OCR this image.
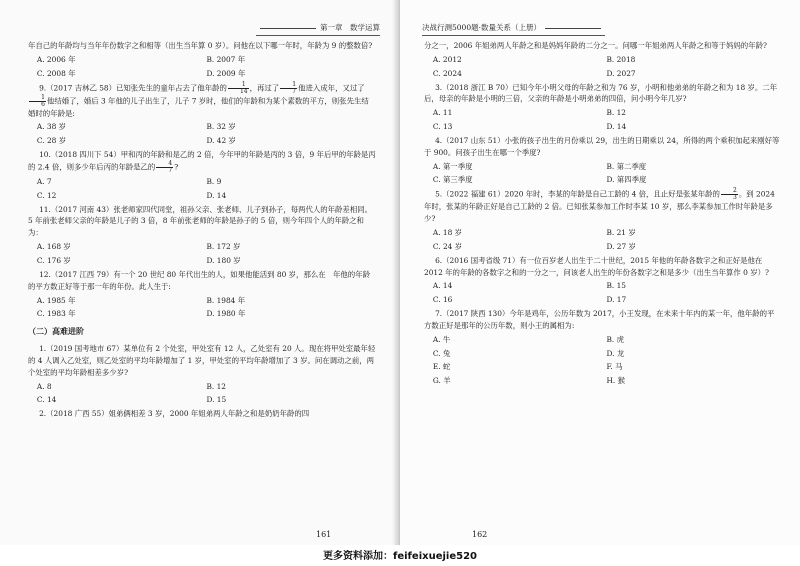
第一章　数学运算

年自己的年龄均与当年年份数字之和相等（出生当年算 0 岁）。问他在以下哪一年时，年龄为 9 的整数倍?

A. 2006 年	B. 2007 年
C. 2008 年	D. 2009 年

9.（2017 吉林乙 58）已知张先生的童年占去了他年龄的 $\frac{1}{14}$ ，再过了 $\frac{1}{7}$ 他进入成年，又过了
$\frac{1}{6}$ 他结婚了，婚后 3 年他的儿子出生了，儿子 7 岁时，他们的年龄和为某个素数的平方，则张先生结婚时的年龄是:

A. 38 岁	B. 32 岁
C. 28 岁	D. 42 岁

10.（2018 四川下 54）甲和丙的年龄和是乙的 2 倍，今年甲的年龄是丙的 3 倍，9 年后甲的年龄是丙的 2.4 倍，则多少年后丙的年龄是乙的 $\frac{4}{7}$ ?

A. 7	B. 9
C. 12	D. 14

11.（2017 河南 43）张老师家四代同堂，祖孙父亲、张老师、儿子到孙子，每两代人的年龄差相同。5 年前张老师父亲的年龄是儿子的 3 倍，8 年前张老师的年龄是孙子的 5 倍，则今年四个人的年龄之和为：

A. 168 岁	B. 172 岁
C. 176 岁	D. 180 岁

12.（2017 江西 79）有一个 20 世纪 80 年代出生的人，如果他能活到 80 岁，那么在　年他的年龄的平方数正好等于那一年的年份。此人生于:

A. 1985 年	B. 1984 年
C. 1983 年	D. 1980 年
（二）高难进阶

1.（2019 国考地市 67）某单位有 2 个处室，甲处室有 12 人，乙处室有 20 人。现在将甲处室最年轻的 4 人调入乙处室，则乙处室的平均年龄增加了 1 岁，甲处室的平均年龄增加了 3 岁。问在调动之前，两个处室的平均年龄相差多少岁?

A. 8	B. 12
C. 14	D. 15

2.（2018 广西 55）姐弟俩相差 3 岁，2000 年姐弟两人年龄之和是奶奶年龄的四

161
决战行测5000题·数量关系（上册）

分之一，2006 年姐弟两人年龄之和是妈妈年龄的二分之一。问哪一年姐弟两人年龄之和等于妈妈的年龄?

A. 2012	B. 2018
C. 2024	D. 2027

3.（2018 浙江 B 70）已知今年小明父母的年龄之和为 76 岁，小明和他弟弟的年龄之和为 18 岁。二年后，母亲的年龄是小明的三倍，父亲的年龄是小明弟弟的四倍，问小明今年几岁?

A. 11	B. 12
C. 13	D. 14

4.（2017 山东 51）小张的孩子出生的月份乘以 29，出生的日期乘以 24，所得的两个乘积加起来刚好等于 900。问孩子出生在哪一个季度?

A. 第一季度	B. 第二季度
C. 第三季度	D. 第四季度

5.（2022 福建 61）2020 年时，李某的年龄是自己工龄的 4 倍，且止好是张某年龄的 $\frac{2}{3}$ 。到 2024 年时，张某的年龄正好是自己工龄的 2 倍。已知张某参加工作时李某 10 岁，那么李某参加工作时年龄是多少?

A. 18 岁	B. 21 岁
C. 24 岁	D. 27 岁

6.（2016 国考省级 71）有一位百岁老人出生于二十世纪，2015 年他的年龄各数字之和正好是他在 2012 年的年龄的各数字之和的一分之一，问该老人出生的年份各数字之和是多少（出生当年算作 0 岁）?

A. 14	B. 15
C. 16	D. 17

7.（2017 陕西 130）今年是鸡年，公历年数为 2017，小王发现，在未来十年内的某一年，他年龄的平方数正好是那年的公历年数，则小王的属相为:

A. 牛	B. 虎
C. 兔	D. 龙
E. 蛇	F. 马
G. 羊	H. 猴
162
更多资料添加：feifeixuejie520
